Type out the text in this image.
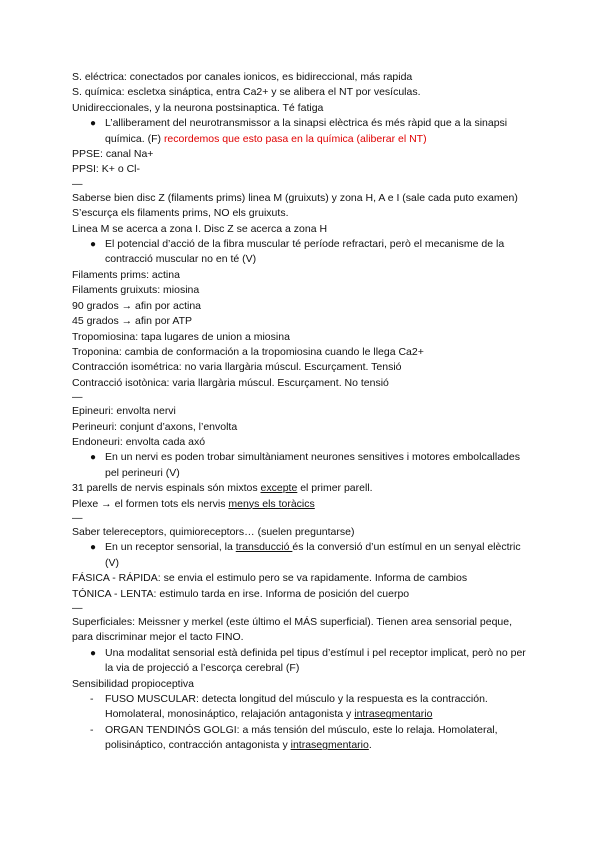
S. eléctrica: conectados por canales ionicos, es bidireccional, más rapida
S. química: escletxa sináptica, entra Ca2+ y se alibera el NT por vesículas.
Unidireccionales, y la neurona postsinaptica. Té fatiga
● L’alliberament del neurotransmissor a la sinapsi elèctrica és més ràpid que a la sinapsi química. (F) recordemos que esto pasa en la química (aliberar el NT)
PPSE: canal Na+
PPSI: K+ o Cl-
—
Saberse bien disc Z (filaments prims) linea M (gruixuts) y zona H, A e I (sale cada puto examen)
S’escurça els filaments prims, NO els gruixuts.
Linea M se acerca a zona I. Disc Z se acerca a zona H
● El potencial d’acció de la fibra muscular té període refractari, però el mecanisme de la contracció muscular no en té (V)
Filaments prims: actina
Filaments gruixuts: miosina
90 grados → afin por actina
45 grados → afin por ATP
Tropomiosina: tapa lugares de union a miosina
Troponina: cambia de conformación a la tropomiosina cuando le llega Ca2+
Contracción isométrica: no varia llargària múscul. Escurçament. Tensió
Contracció isotònica: varia llargària múscul. Escurçament. No tensió
—
Epineuri: envolta nervi
Perineuri: conjunt d’axons, l’envolta
Endoneuri: envolta cada axó
● En un nervi es poden trobar simultàniament neurones sensitives i motores embolcallades pel perineuri (V)
31 parells de nervis espinals són mixtos excepte el primer parell.
Plexe → el formen tots els nervis menys els toràcics
—
Saber telereceptors, quimioreceptors… (suelen preguntarse)
● En un receptor sensorial, la transducció és la conversió d’un estímul en un senyal elèctric (V)
FÁSICA - RÁPIDA: se envia el estimulo pero se va rapidamente. Informa de cambios
TÓNICA - LENTA: estimulo tarda en irse. Informa de posición del cuerpo
—
Superficiales: Meissner y merkel (este último el MÁS superficial). Tienen area sensorial peque, para discriminar mejor el tacto FINO.
● Una modalitat sensorial està definida pel tipus d’estímul i pel receptor implicat, però no per la via de projecció a l’escorça cerebral (F)
Sensibilidad propioceptiva
- FUSO MUSCULAR: detecta longitud del músculo y la respuesta es la contracción. Homolateral, monosináptico, relajación antagonista y intrasegmentario
- ORGAN TENDINÓS GOLGI: a más tensión del músculo, este lo relaja. Homolateral, polisináptico, contracción antagonista y intrasegmentario.
